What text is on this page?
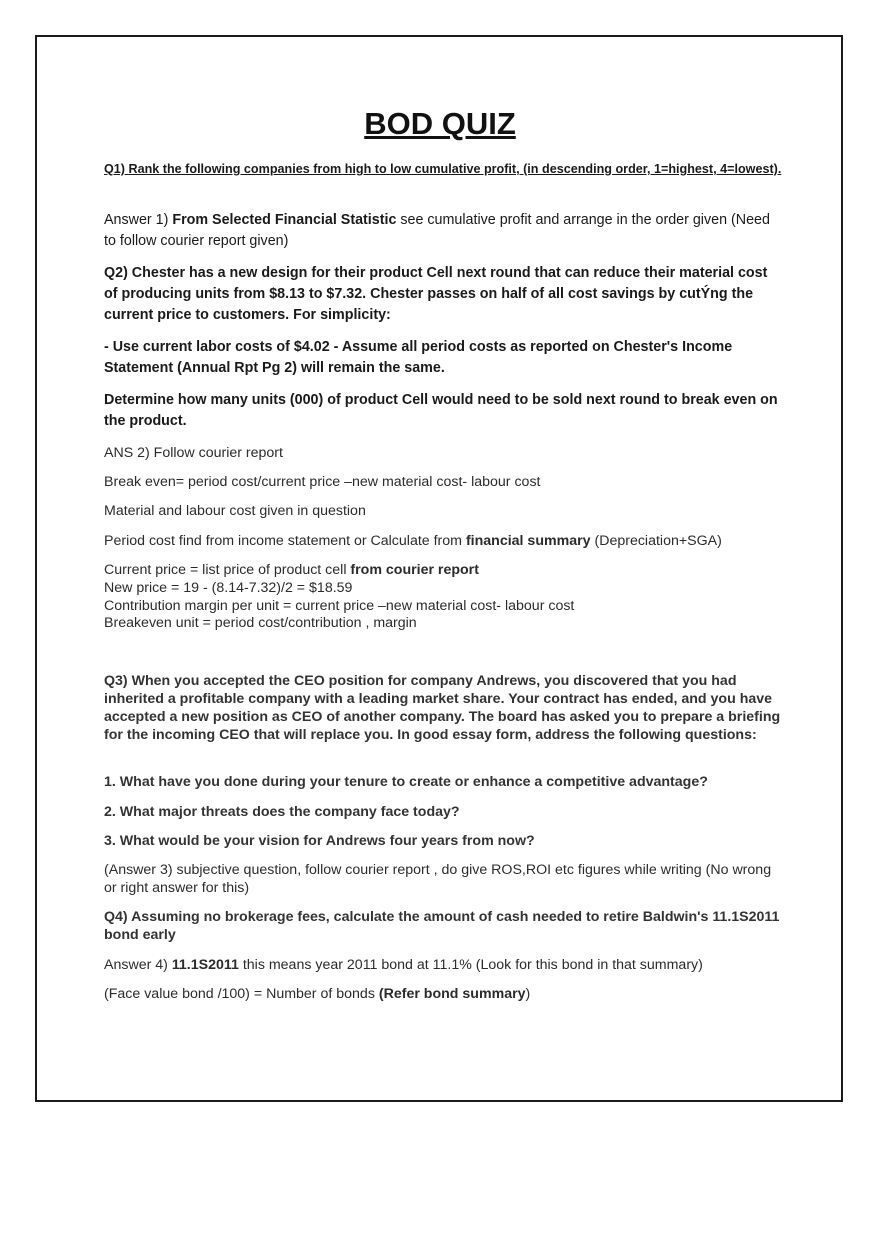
BOD QUIZ

Q1) Rank the following companies from high to low cumulative profit, (in descending order, 1=highest, 4=lowest).

Answer 1) From Selected Financial Statistic see cumulative profit and arrange in the order given (Need to follow courier report given)

Q2) Chester has a new design for their product Cell next round that can reduce their material cost of producing units from $8.13 to $7.32. Chester passes on half of all cost savings by cutÝng the current price to customers. For simplicity:

- Use current labor costs of $4.02 - Assume all period costs as reported on Chester's Income Statement (Annual Rpt Pg 2) will remain the same.

Determine how many units (000) of product Cell would need to be sold next round to break even on the product.

ANS 2) Follow courier report

Break even= period cost/current price –new material cost- labour cost

Material and labour cost given in question

Period cost find from income statement or Calculate from financial summary (Depreciation+SGA)

Current price = list price of product cell from courier report

New price = 19 - (8.14-7.32)/2 = $18.59

Contribution margin per unit = current price –new material cost- labour cost

Breakeven unit = period cost/contribution , margin

Q3) When you accepted the CEO position for company Andrews, you discovered that you had inherited a profitable company with a leading market share. Your contract has ended, and you have accepted a new position as CEO of another company. The board has asked you to prepare a briefing for the incoming CEO that will replace you. In good essay form, address the following questions:

1. What have you done during your tenure to create or enhance a competitive advantage?

2. What major threats does the company face today?

3. What would be your vision for Andrews four years from now?

(Answer 3) subjective question, follow courier report , do give ROS,ROI etc figures while writing (No wrong or right answer for this)

Q4) Assuming no brokerage fees, calculate the amount of cash needed to retire Baldwin's 11.1S2011 bond early

Answer 4) 11.1S2011 this means year 2011 bond at 11.1% (Look for this bond in that summary)

(Face value bond /100) = Number of bonds (Refer bond summary)
